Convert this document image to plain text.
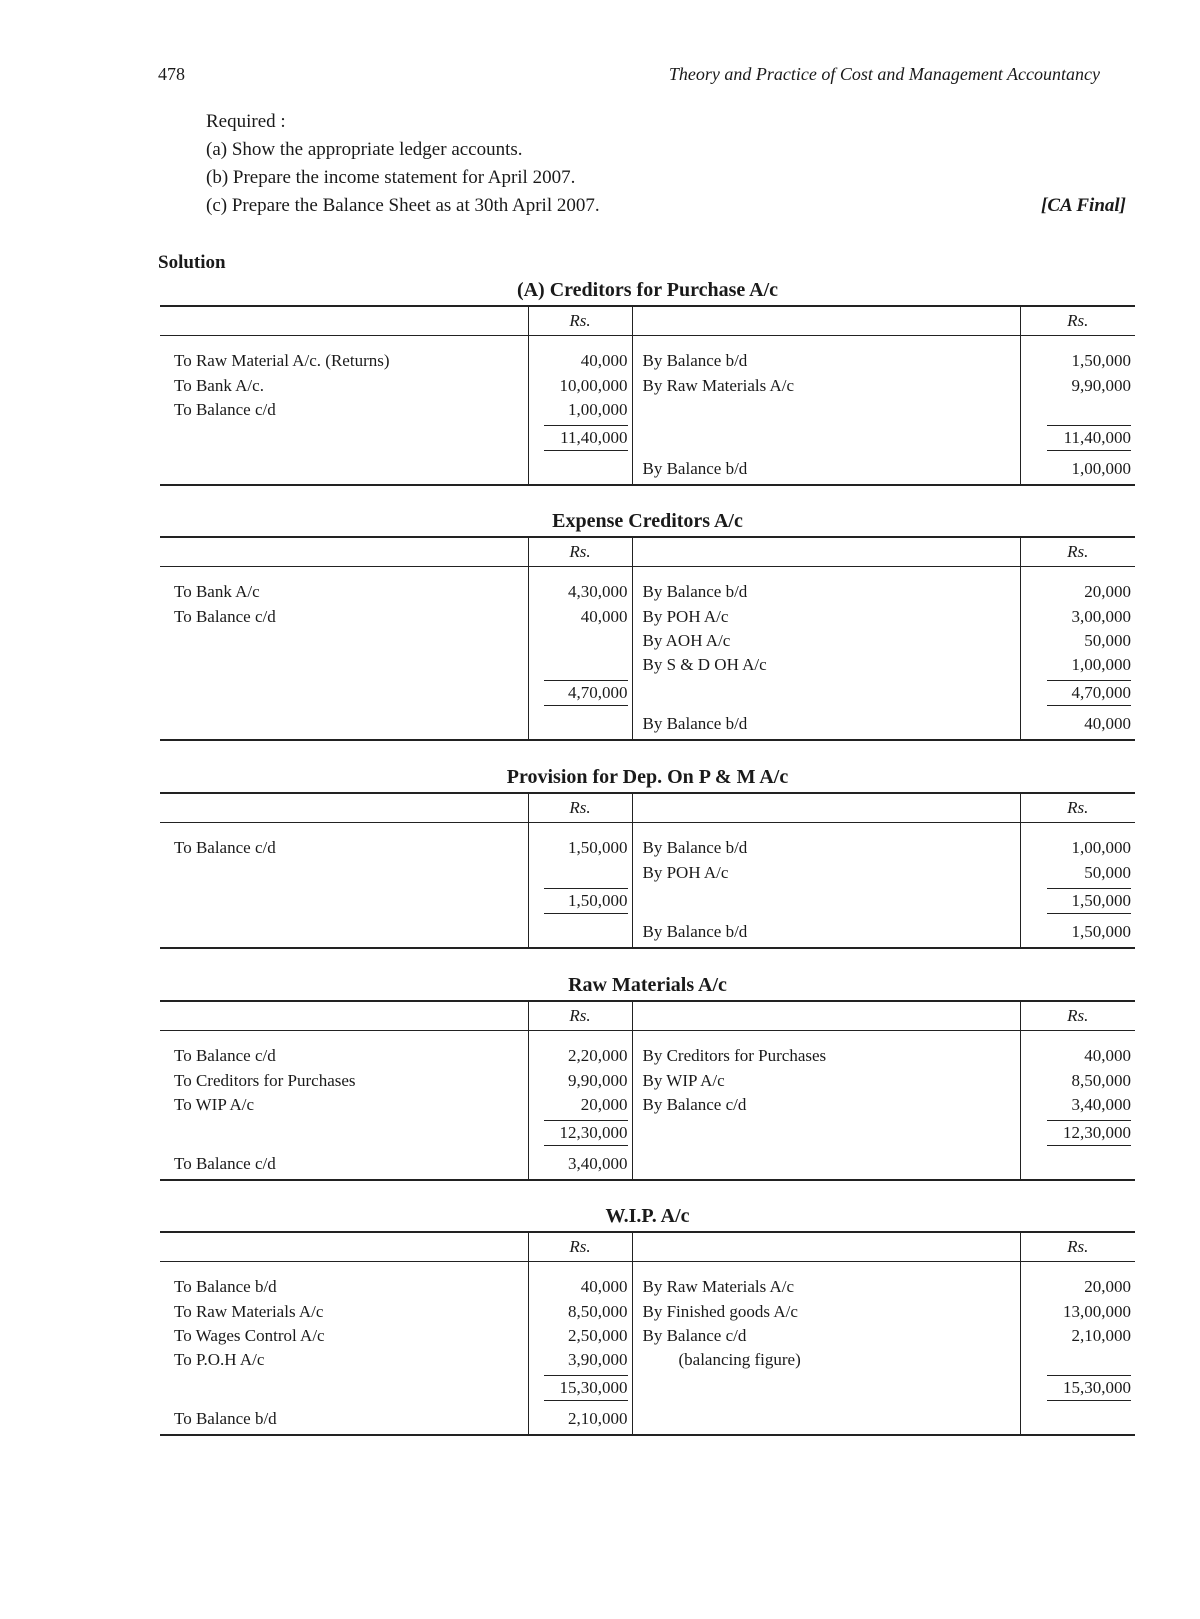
478	Theory and Practice of Cost and Management Accountancy
Required :
(a) Show the appropriate ledger accounts.
(b) Prepare the income statement for April 2007.
(c) Prepare the Balance Sheet as at 30th April 2007.	[CA Final]
Solution
(A) Creditors for Purchase A/c
	Rs.		Rs.
To Raw Material A/c. (Returns)	40,000	By Balance b/d	1,50,000
To Bank A/c.	10,00,000	By Raw Materials A/c	9,90,000
To Balance c/d	1,00,000		
	11,40,000		11,40,000
		By Balance b/d	1,00,000
Expense Creditors A/c
	Rs.		Rs.
To Bank A/c	4,30,000	By Balance b/d	20,000
To Balance c/d	40,000	By POH A/c	3,00,000
		By AOH A/c	50,000
		By S & D OH A/c	1,00,000
	4,70,000		4,70,000
		By Balance b/d	40,000
Provision for Dep. On P & M A/c
	Rs.		Rs.
To Balance c/d	1,50,000	By Balance b/d	1,00,000
		By POH A/c	50,000
	1,50,000		1,50,000
		By Balance b/d	1,50,000
Raw Materials A/c
	Rs.		Rs.
To Balance c/d	2,20,000	By Creditors for Purchases	40,000
To Creditors for Purchases	9,90,000	By WIP A/c	8,50,000
To WIP A/c	20,000	By Balance c/d	3,40,000
	12,30,000		12,30,000
To Balance c/d	3,40,000		
W.I.P. A/c
	Rs.		Rs.
To Balance b/d	40,000	By Raw Materials A/c	20,000
To Raw Materials A/c	8,50,000	By Finished goods A/c	13,00,000
To Wages Control A/c	2,50,000	By Balance c/d	2,10,000
To P.O.H A/c	3,90,000	(balancing figure)	
	15,30,000		15,30,000
To Balance b/d	2,10,000		
